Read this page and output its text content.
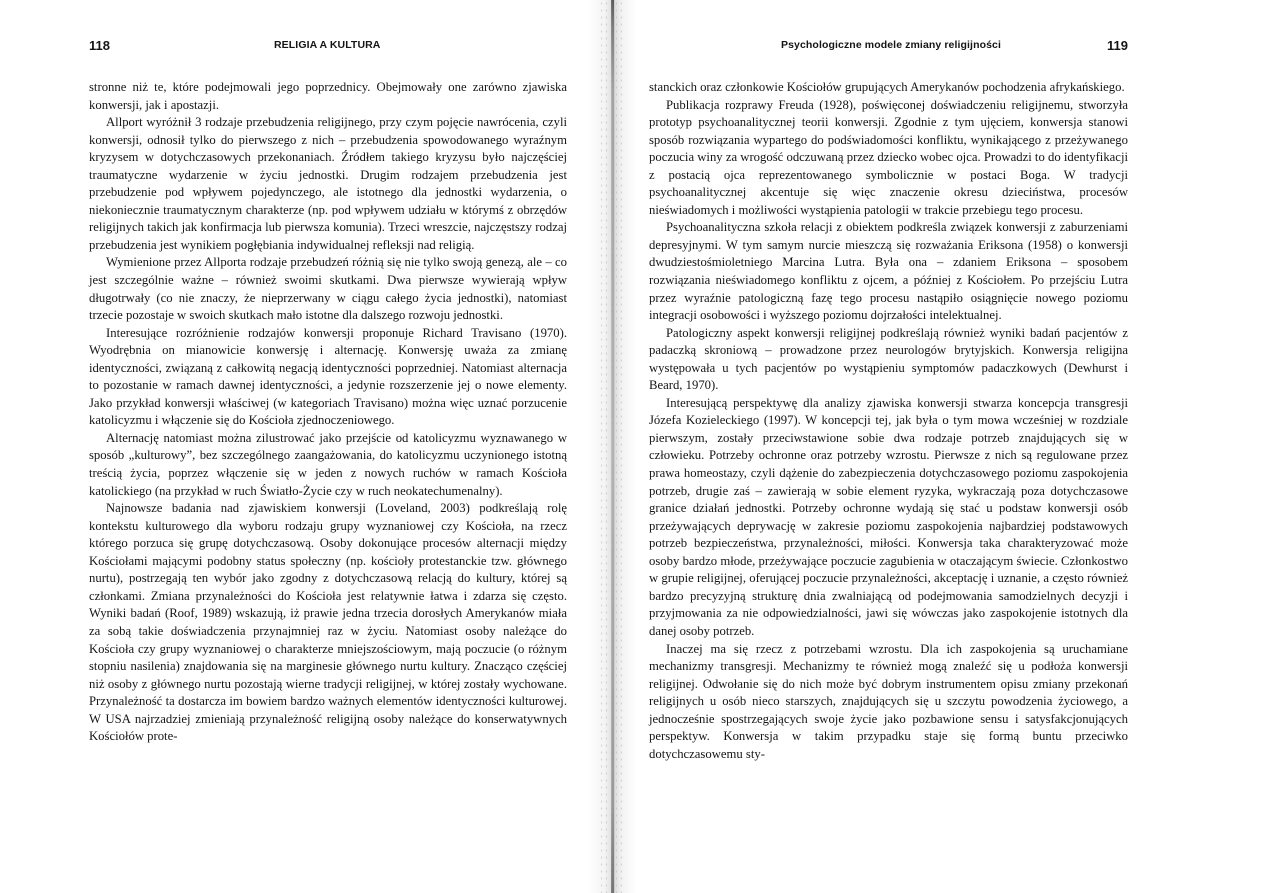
118	RELIGIA A KULTURA

stronne niż te, które podejmowali jego poprzednicy. Obejmowały one zarówno zjawiska konwersji, jak i apostazji.

Allport wyróżnił 3 rodzaje przebudzenia religijnego, przy czym pojęcie nawrócenia, czyli konwersji, odnosił tylko do pierwszego z nich – przebudzenia spowodowanego wyraźnym kryzysem w dotychczasowych przekonaniach. Źródłem takiego kryzysu było najczęściej traumatyczne wydarzenie w życiu jednostki. Drugim rodzajem przebudzenia jest przebudzenie pod wpływem pojedynczego, ale istotnego dla jednostki wydarzenia, o niekoniecznie traumatycznym charakterze (np. pod wpływem udziału w którymś z obrzędów religijnych takich jak konfirmacja lub pierwsza komunia). Trzeci wreszcie, najczęstszy rodzaj przebudzenia jest wynikiem pogłębiania indywidualnej refleksji nad religią.

Wymienione przez Allporta rodzaje przebudzeń różnią się nie tylko swoją genezą, ale – co jest szczególnie ważne – również swoimi skutkami. Dwa pierwsze wywierają wpływ długotrwały (co nie znaczy, że nieprzerwany w ciągu całego życia jednostki), natomiast trzecie pozostaje w swoich skutkach mało istotne dla dalszego rozwoju jednostki.

Interesujące rozróżnienie rodzajów konwersji proponuje Richard Travisano (1970). Wyodrębnia on mianowicie konwersję i alternację. Konwersję uważa za zmianę identyczności, związaną z całkowitą negacją identyczności poprzedniej. Natomiast alternacja to pozostanie w ramach dawnej identyczności, a jedynie rozszerzenie jej o nowe elementy. Jako przykład konwersji właściwej (w kategoriach Travisano) można więc uznać porzucenie katolicyzmu i włączenie się do Kościoła zjednoczeniowego.

Alternację natomiast można zilustrować jako przejście od katolicyzmu wyznawanego w sposób „kulturowy”, bez szczególnego zaangażowania, do katolicyzmu uczynionego istotną treścią życia, poprzez włączenie się w jeden z nowych ruchów w ramach Kościoła katolickiego (na przykład w ruch Światło-Życie czy w ruch neokatechumenalny).

Najnowsze badania nad zjawiskiem konwersji (Loveland, 2003) podkreślają rolę kontekstu kulturowego dla wyboru rodzaju grupy wyznaniowej czy Kościoła, na rzecz którego porzuca się grupę dotychczasową. Osoby dokonujące procesów alternacji między Kościołami mającymi podobny status społeczny (np. kościoły protestanckie tzw. głównego nurtu), postrzegają ten wybór jako zgodny z dotychczasową relacją do kultury, której są członkami. Zmiana przynależności do Kościoła jest relatywnie łatwa i zdarza się często. Wyniki badań (Roof, 1989) wskazują, iż prawie jedna trzecia dorosłych Amerykanów miała za sobą takie doświadczenia przynajmniej raz w życiu. Natomiast osoby należące do Kościoła czy grupy wyznaniowej o charakterze mniejszościowym, mają poczucie (o różnym stopniu nasilenia) znajdowania się na marginesie głównego nurtu kultury. Znacząco częściej niż osoby z głównego nurtu pozostają wierne tradycji religijnej, w której zostały wychowane. Przynależność ta dostarcza im bowiem bardzo ważnych elementów identyczności kulturowej. W USA najrzadziej zmieniają przynależność religijną osoby należące do konserwatywnych Kościołów prote-

Psychologiczne modele zmiany religijności	119

stanckich oraz członkowie Kościołów grupujących Amerykanów pochodzenia afrykańskiego.

Publikacja rozprawy Freuda (1928), poświęconej doświadczeniu religijnemu, stworzyła prototyp psychoanalitycznej teorii konwersji. Zgodnie z tym ujęciem, konwersja stanowi sposób rozwiązania wypartego do podświadomości konfliktu, wynikającego z przeżywanego poczucia winy za wrogość odczuwaną przez dziecko wobec ojca. Prowadzi to do identyfikacji z postacią ojca reprezentowanego symbolicznie w postaci Boga. W tradycji psychoanalitycznej akcentuje się więc znaczenie okresu dzieciństwa, procesów nieświadomych i możliwości wystąpienia patologii w trakcie przebiegu tego procesu.

Psychoanalityczna szkoła relacji z obiektem podkreśla związek konwersji z zaburzeniami depresyjnymi. W tym samym nurcie mieszczą się rozważania Eriksona (1958) o konwersji dwudziestośmioletniego Marcina Lutra. Była ona – zdaniem Eriksona – sposobem rozwiązania nieświadomego konfliktu z ojcem, a później z Kościołem. Po przejściu Lutra przez wyraźnie patologiczną fazę tego procesu nastąpiło osiągnięcie nowego poziomu integracji osobowości i wyższego poziomu dojrzałości intelektualnej.

Patologiczny aspekt konwersji religijnej podkreślają również wyniki badań pacjentów z padaczką skroniową – prowadzone przez neurologów brytyjskich. Konwersja religijna występowała u tych pacjentów po wystąpieniu symptomów padaczkowych (Dewhurst i Beard, 1970).

Interesującą perspektywę dla analizy zjawiska konwersji stwarza koncepcja transgresji Józefa Kozieleckiego (1997). W koncepcji tej, jak była o tym mowa wcześniej w rozdziale pierwszym, zostały przeciwstawione sobie dwa rodzaje potrzeb znajdujących się w człowieku. Potrzeby ochronne oraz potrzeby wzrostu. Pierwsze z nich są regulowane przez prawa homeostazy, czyli dążenie do zabezpieczenia dotychczasowego poziomu zaspokojenia potrzeb, drugie zaś – zawierają w sobie element ryzyka, wykraczają poza dotychczasowe granice działań jednostki. Potrzeby ochronne wydają się stać u podstaw konwersji osób przeżywających deprywację w zakresie poziomu zaspokojenia najbardziej podstawowych potrzeb bezpieczeństwa, przynależności, miłości. Konwersja taka charakteryzować może osoby bardzo młode, przeżywające poczucie zagubienia w otaczającym świecie. Członkostwo w grupie religijnej, oferującej poczucie przynależności, akceptację i uznanie, a często również bardzo precyzyjną strukturę dnia zwalniającą od podejmowania samodzielnych decyzji i przyjmowania za nie odpowiedzialności, jawi się wówczas jako zaspokojenie istotnych dla danej osoby potrzeb.

Inaczej ma się rzecz z potrzebami wzrostu. Dla ich zaspokojenia są uruchamiane mechanizmy transgresji. Mechanizmy te również mogą znaleźć się u podłoża konwersji religijnej. Odwołanie się do nich może być dobrym instrumentem opisu zmiany przekonań religijnych u osób nieco starszych, znajdujących się u szczytu powodzenia życiowego, a jednocześnie spostrzegających swoje życie jako pozbawione sensu i satysfakcjonujących perspektyw. Konwersja w takim przypadku staje się formą buntu przeciwko dotychczasowemu sty-
